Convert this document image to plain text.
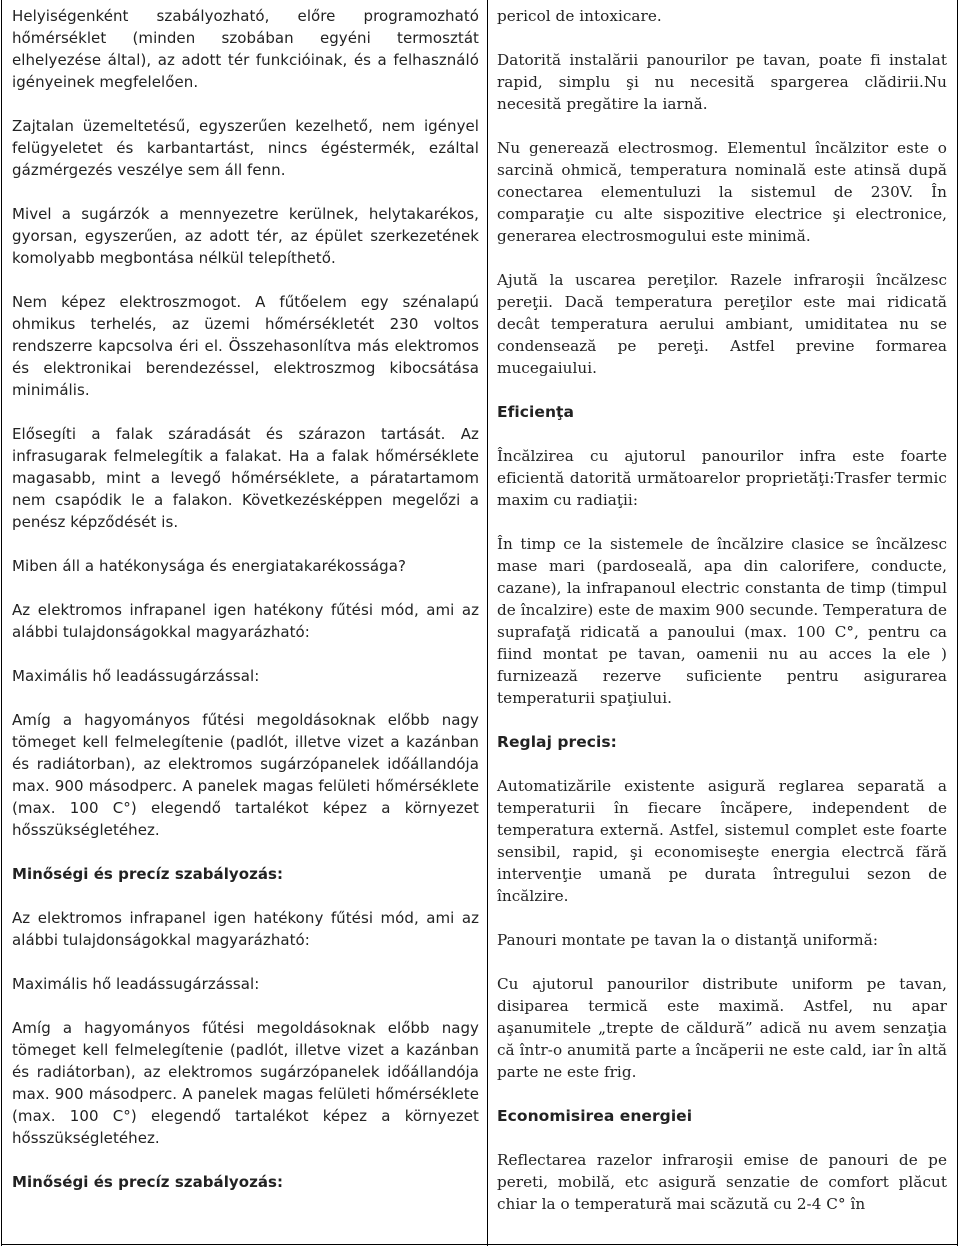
Helyiségenként szabályozható, előre programozható hőmérséklet (minden szobában egyéni termosztát elhelyezése által), az adott tér funkcióinak, és a felhasználó igényeinek megfelelően.

Zajtalan üzemeltetésű, egyszerűen kezelhető, nem igényel felügyeletet és karbantartást, nincs égéstermék, ezáltal gázmérgezés veszélye sem áll fenn.

Mivel a sugárzók a mennyezetre kerülnek, helytakarékos, gyorsan, egyszerűen, az adott tér, az épület szerkezetének komolyabb megbontása nélkül telepíthető.

Nem képez elektroszmogot. A fűtőelem egy szénalapú ohmikus terhelés, az üzemi hőmérsékletét 230 voltos rendszerre kapcsolva éri el. Összehasonlítva más elektromos és elektronikai berendezéssel, elektroszmog kibocsátása minimális.

Elősegíti a falak száradását és szárazon tartását. Az infrasugarak felmelegítik a falakat. Ha a falak hőmérséklete magasabb, mint a levegő hőmérséklete, a páratartamom nem csapódik le a falakon. Következésképpen megelőzi a penész képződését is.

Miben áll a hatékonysága és energiatakarékossága?

Az elektromos infrapanel igen hatékony fűtési mód, ami az alábbi tulajdonságokkal magyarázható:

Maximális hő leadássugárzással:

Amíg a hagyományos fűtési megoldásoknak előbb nagy tömeget kell felmelegítenie (padlót, illetve vizet a kazánban és radiátorban), az elektromos sugárzópanelek időállandója max. 900 másodperc. A panelek magas felületi hőmérséklete (max. 100 C°) elegendő tartalékot képez a környezet hősszükségletéhez.

Minőségi és precíz szabályozás:

Az elektromos infrapanel igen hatékony fűtési mód, ami az alábbi tulajdonságokkal magyarázható:

Maximális hő leadássugárzással:

Amíg a hagyományos fűtési megoldásoknak előbb nagy tömeget kell felmelegítenie (padlót, illetve vizet a kazánban és radiátorban), az elektromos sugárzópanelek időállandója max. 900 másodperc. A panelek magas felületi hőmérséklete (max. 100 C°) elegendő tartalékot képez a környezet hősszükségletéhez.

Minőségi és precíz szabályozás:

pericol de intoxicare.

Datorită instalării panourilor pe tavan, poate fi instalat rapid, simplu şi nu necesită spargerea clădirii.Nu necesită pregătire la iarnă.

Nu generează electrosmog. Elementul încălzitor este o sarcină ohmică, temperatura nominală este atinsă după conectarea elementuluzi la sistemul de 230V. În comparaţie cu alte sispozitive electrice şi electronice, generarea electrosmogului este minimă.

Ajută la uscarea pereţilor. Razele infraroşii încălzesc pereţii. Dacă temperatura pereţilor este mai ridicată decât temperatura aerului ambiant, umiditatea nu se condensează pe pereţi. Astfel previne formarea mucegaiului.

Eficienţa

Încălzirea cu ajutorul panourilor infra este foarte eficientă datorită următoarelor proprietăţi:Trasfer termic maxim cu radiaţii:

În timp ce la sistemele de încălzire clasice se încălzesc mase mari (pardoseală, apa din calorifere, conducte, cazane), la infrapanoul electric constanta de timp (timpul de încalzire) este de maxim 900 secunde. Temperatura de suprafaţă ridicată a panoului (max. 100 C°, pentru ca fiind montat pe tavan, oamenii nu au acces la ele ) furnizează rezerve suficiente pentru asigurarea temperaturii spaţiului.

Reglaj precis:

Automatizările existente asigură reglarea separată a temperaturii în fiecare încăpere, independent de temperatura externă. Astfel, sistemul complet este foarte sensibil, rapid, şi economiseşte energia electrcă fără intervenţie umană pe durata întregului sezon de încălzire.

Panouri montate pe tavan la o distanţă uniformă:

Cu ajutorul panourilor distribute uniform pe tavan, disiparea termică este maximă. Astfel, nu apar aşanumitele „trepte de căldură” adică nu avem senzaţia că într-o anumită parte a încăperii ne este cald, iar în altă parte ne este frig.

Economisirea energiei

Reflectarea razelor infraroşii emise de panouri de pe pereti, mobilă, etc asigură senzatie de comfort plăcut chiar la o temperatură mai scăzută cu 2-4 C° în
